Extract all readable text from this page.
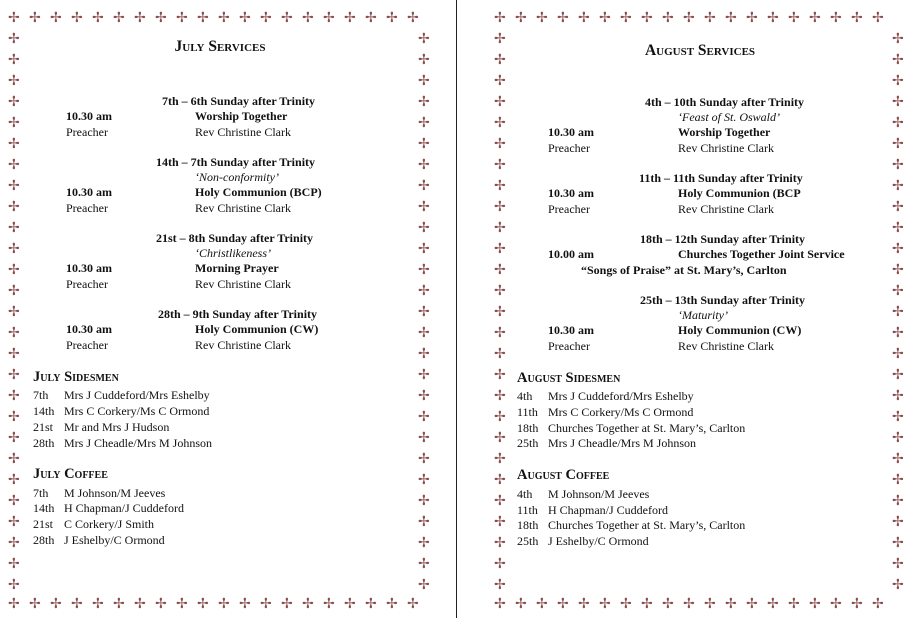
✢
✢
✢
✢
✢
✢
✢
✢
✢
✢
✢
✢
✢
✢
✢
✢
✢
✢
✢
✢
✢
✢
✢
✢
✢
✢
✢
✢
✢
✢
✢
✢
✢
✢
✢
✢
✢
✢
✢
✢
✢	✢
✢	✢
✢	✢
✢	✢
✢	✢
✢	✢
✢	✢
✢	✢
✢	✢
✢	✢
✢	✢
✢	✢
✢	✢
✢	✢
✢	✢
✢	✢
✢	✢
✢	✢
✢	✢
✢	✢
✢	✢
✢	✢
✢	✢
✢	✢
✢	✢
✢	✢
✢	✢
July Services
7th – 6th Sunday after Trinity
10.30 am	Worship Together
Preacher	Rev Christine Clark
14th – 7th Sunday after Trinity
‘Non-conformity’
10.30 am	Holy Communion (BCP)
Preacher	Rev Christine Clark
21st – 8th Sunday after Trinity
‘Christlikeness’
10.30 am	Morning Prayer
Preacher	Rev Christine Clark
28th – 9th Sunday after Trinity
10.30 am	Holy Communion (CW)
Preacher	Rev Christine Clark
July Sidesmen
7th Mrs J Cuddeford/Mrs Eshelby
14th Mrs C Corkery/Ms C Ormond
21st Mr and Mrs J Hudson
28th Mrs J Cheadle/Mrs M Johnson
July Coffee
7th M Johnson/M Jeeves
14th H Chapman/J Cuddeford
21st C Corkery/J Smith
28th J Eshelby/C Ormond
✢
✢
✢
✢
✢
✢
✢
✢
✢
✢
✢
✢
✢
✢
✢
✢
✢
✢
✢
✢
✢
✢
✢
✢
✢
✢
✢
✢
✢
✢
✢
✢
✢
✢
✢
✢
✢
✢
✢	✢
✢	✢
✢	✢
✢	✢
✢	✢
✢	✢
✢	✢
✢	✢
✢	✢
✢	✢
✢	✢
✢	✢
✢	✢
✢	✢
✢	✢
✢	✢
✢	✢
✢	✢
✢	✢
✢	✢
✢	✢
✢	✢
✢	✢
✢	✢
✢	✢
✢	✢
✢	✢
August Services
4th – 10th Sunday after Trinity
‘Feast of St. Oswald’
10.30 am	Worship Together
Preacher	Rev Christine Clark
11th – 11th Sunday after Trinity
10.30 am	Holy Communion (BCP
Preacher	Rev Christine Clark
18th – 12th Sunday after Trinity
10.00 am	Churches Together Joint Service
“Songs of Praise” at St. Mary’s, Carlton
25th – 13th Sunday after Trinity
‘Maturity’
10.30 am	Holy Communion (CW)
Preacher	Rev Christine Clark
August Sidesmen
4th Mrs J Cuddeford/Mrs Eshelby
11th Mrs C Corkery/Ms C Ormond
18th Churches Together at St. Mary’s, Carlton
25th Mrs J Cheadle/Mrs M Johnson
August Coffee
4th M Johnson/M Jeeves
11th H Chapman/J Cuddeford
18th Churches Together at St. Mary’s, Carlton
25th J Eshelby/C Ormond
